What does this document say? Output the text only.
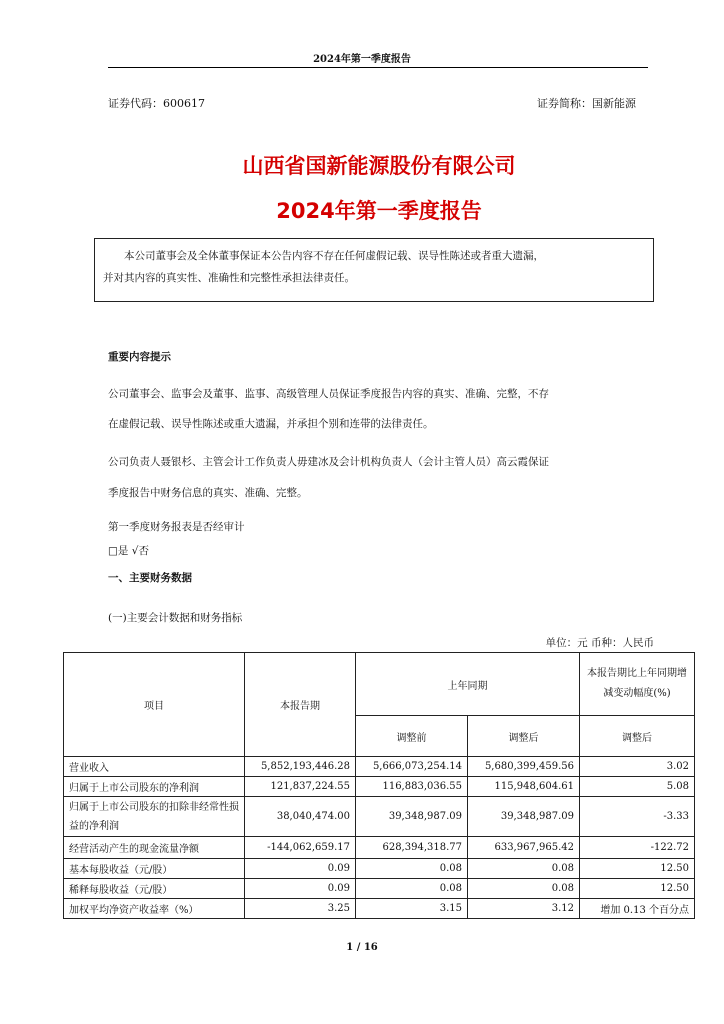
2024年第一季度报告
证券代码：600617	证券简称：国新能源
山西省国新能源股份有限公司
2024年第一季度报告

本公司董事会及全体董事保证本公告内容不存在任何虚假记载、误导性陈述或者重大遗漏，

并对其内容的真实性、准确性和完整性承担法律责任。

重要内容提示
公司董事会、监事会及董事、监事、高级管理人员保证季度报告内容的真实、准确、完整，不存
在虚假记载、误导性陈述或重大遗漏，并承担个别和连带的法律责任。
公司负责人聂银杉、主管会计工作负责人毋建冰及会计机构负责人（会计主管人员）高云霞保证
季度报告中财务信息的真实、准确、完整。
第一季度财务报表是否经审计
□是 √否
一、主要财务数据
(一)主要会计数据和财务指标
单位：元 币种：人民币
项目	本报告期	上年同期		本报告期比上年同期增减变动幅度(%)
		调整前	调整后	调整后
营业收入	5,852,193,446.28	5,666,073,254.14	5,680,399,459.56	3.02
归属于上市公司股东的净利润	121,837,224.55	116,883,036.55	115,948,604.61	5.08
归属于上市公司股东的扣除非经常性损益的净利润	38,040,474.00	39,348,987.09	39,348,987.09	-3.33
经营活动产生的现金流量净额	-144,062,659.17	628,394,318.77	633,967,965.42	-122.72
基本每股收益（元/股）	0.09	0.08	0.08	12.50
稀释每股收益（元/股）	0.09	0.08	0.08	12.50
加权平均净资产收益率（%）	3.25	3.15	3.12	增加 0.13 个百分点
1 / 16
